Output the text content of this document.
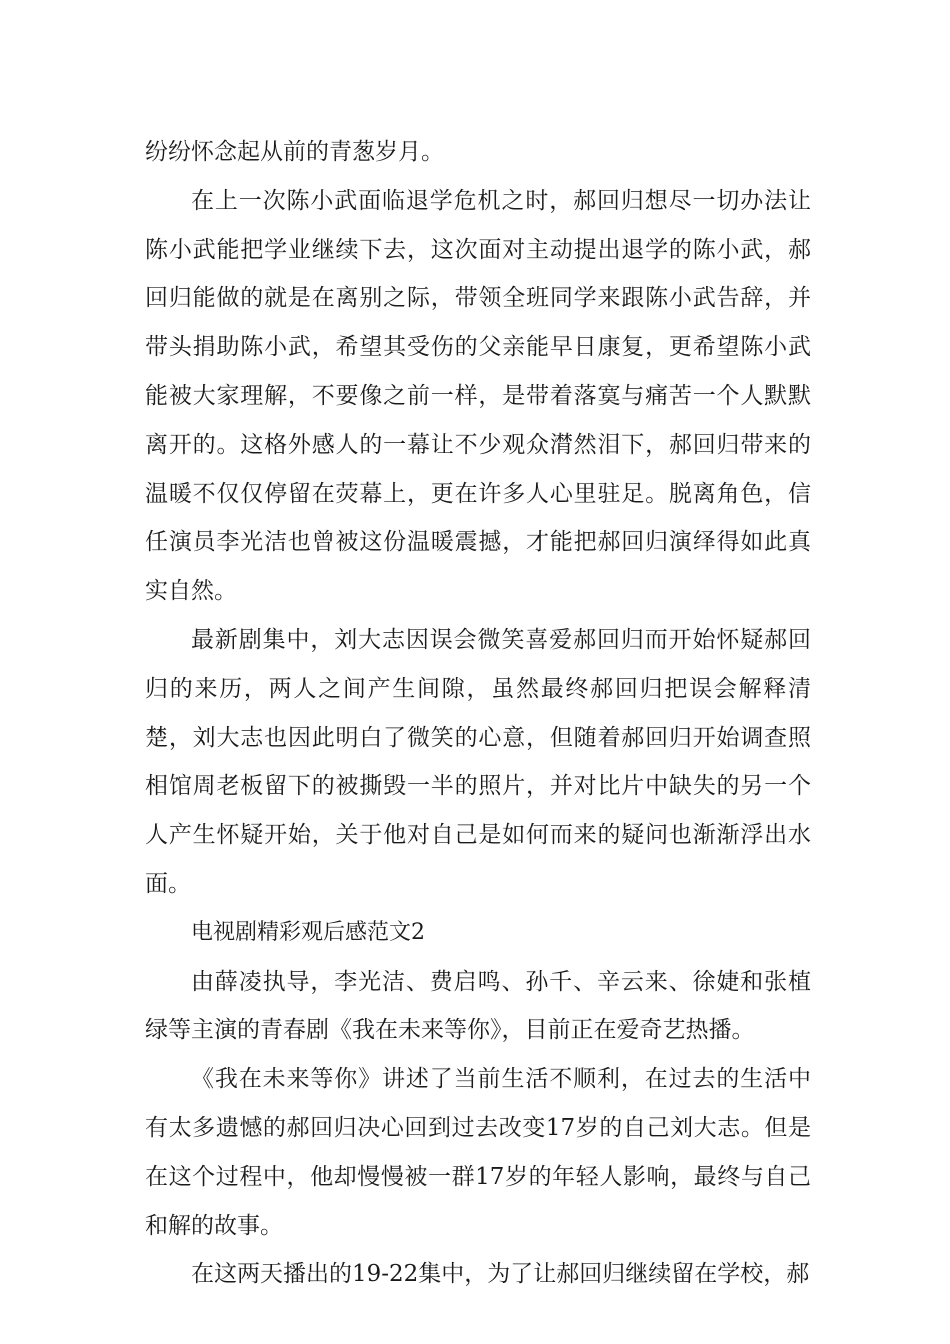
纷纷怀念起从前的青葱岁月。

在上一次陈小武面临退学危机之时，郝回归想尽一切办法让陈小武能把学业继续下去，这次面对主动提出退学的陈小武，郝回归能做的就是在离别之际，带领全班同学来跟陈小武告辞，并带头捐助陈小武，希望其受伤的父亲能早日康复，更希望陈小武能被大家理解，不要像之前一样，是带着落寞与痛苦一个人默默离开的。这格外感人的一幕让不少观众潸然泪下，郝回归带来的温暖不仅仅停留在荧幕上，更在许多人心里驻足。脱离角色，信任演员李光洁也曾被这份温暖震撼，才能把郝回归演绎得如此真实自然。

最新剧集中，刘大志因误会微笑喜爱郝回归而开始怀疑郝回归的来历，两人之间产生间隙，虽然最终郝回归把误会解释清楚，刘大志也因此明白了微笑的心意，但随着郝回归开始调查照相馆周老板留下的被撕毁一半的照片，并对比片中缺失的另一个人产生怀疑开始，关于他对自己是如何而来的疑问也渐渐浮出水面。

电视剧精彩观后感范文2

由薛凌执导，李光洁、费启鸣、孙千、辛云来、徐婕和张植绿等主演的青春剧《我在未来等你》，目前正在爱奇艺热播。

《我在未来等你》讲述了当前生活不顺利，在过去的生活中有太多遗憾的郝回归决心回到过去改变17岁的自己刘大志。但是在这个过程中，他却慢慢被一群17岁的年轻人影响，最终与自己和解的故事。

在这两天播出的19-22集中，为了让郝回归继续留在学校，郝
